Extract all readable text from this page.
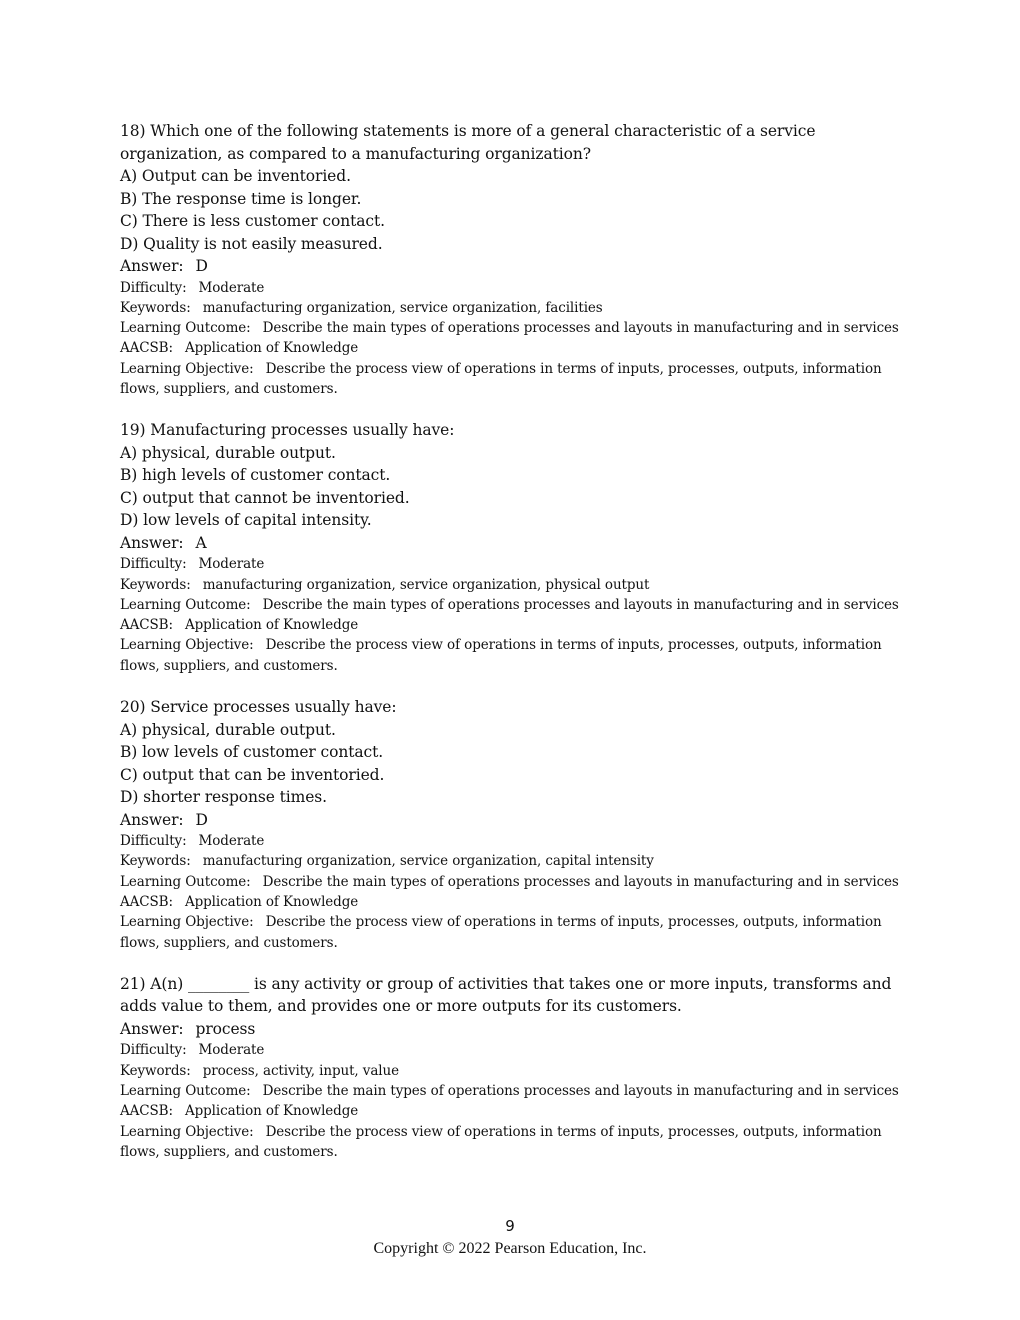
18) Which one of the following statements is more of a general characteristic of a service organization, as compared to a manufacturing organization?

A) Output can be inventoried.

B) The response time is longer.

C) There is less customer contact.

D) Quality is not easily measured.

Answer: D

Difficulty: Moderate

Keywords: manufacturing organization, service organization, facilities

Learning Outcome: Describe the main types of operations processes and layouts in manufacturing and in services

AACSB: Application of Knowledge

Learning Objective: Describe the process view of operations in terms of inputs, processes, outputs, information flows, suppliers, and customers.

19) Manufacturing processes usually have:

A) physical, durable output.

B) high levels of customer contact.

C) output that cannot be inventoried.

D) low levels of capital intensity.

Answer: A

Difficulty: Moderate

Keywords: manufacturing organization, service organization, physical output

Learning Outcome: Describe the main types of operations processes and layouts in manufacturing and in services

AACSB: Application of Knowledge

Learning Objective: Describe the process view of operations in terms of inputs, processes, outputs, information flows, suppliers, and customers.

20) Service processes usually have:

A) physical, durable output.

B) low levels of customer contact.

C) output that can be inventoried.

D) shorter response times.

Answer: D

Difficulty: Moderate

Keywords: manufacturing organization, service organization, capital intensity

Learning Outcome: Describe the main types of operations processes and layouts in manufacturing and in services

AACSB: Application of Knowledge

Learning Objective: Describe the process view of operations in terms of inputs, processes, outputs, information flows, suppliers, and customers.

21) A(n) ________ is any activity or group of activities that takes one or more inputs, transforms and adds value to them, and provides one or more outputs for its customers.

Answer: process

Difficulty: Moderate

Keywords: process, activity, input, value

Learning Outcome: Describe the main types of operations processes and layouts in manufacturing and in services

AACSB: Application of Knowledge

Learning Objective: Describe the process view of operations in terms of inputs, processes, outputs, information flows, suppliers, and customers.

9
Copyright © 2022 Pearson Education, Inc.
